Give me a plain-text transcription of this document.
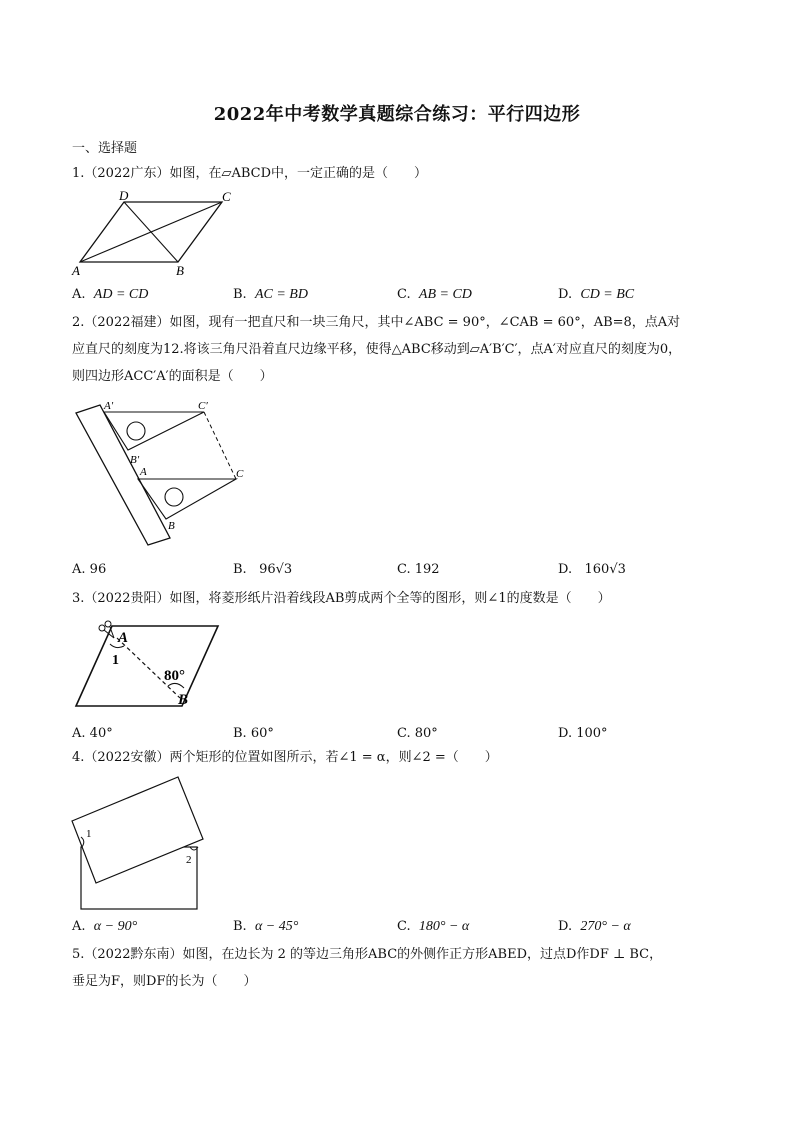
2022年中考数学真题综合练习：平行四边形
一、选择题
1.（2022广东）如图，在▱ABCD中，一定正确的是（　　）
A	B
C
D
A. AD = CD	B. AC = BD	C. AB = CD	D. CD = BC
2.（2022福建）如图，现有一把直尺和一块三角尺，其中∠ABC = 90°，∠CAB = 60°，AB=8，点A对
应直尺的刻度为12.将该三角尺沿着直尺边缘平移，使得△ABC移动到▱A′B′C′，点A′对应直尺的刻度为0，
则四边形ACC′A′的面积是（　　）
A′	C′
B′
A	C
B
A. 96	B. 96√3	C. 192	D. 160√3
3.（2022贵阳）如图，将菱形纸片沿着线段AB剪成两个全等的图形，则∠1的度数是（　　）
A
B
1
80°
A. 40°	B. 60°	C. 80°	D. 100°
4.（2022安徽）两个矩形的位置如图所示，若∠1 = α，则∠2 =（　　）
1
2
A. α − 90°	B. α − 45°	C. 180° − α	D. 270° − α
5.（2022黔东南）如图，在边长为 2 的等边三角形ABC的外侧作正方形ABED，过点D作DF ⊥ BC，
垂足为F，则DF的长为（　　）
